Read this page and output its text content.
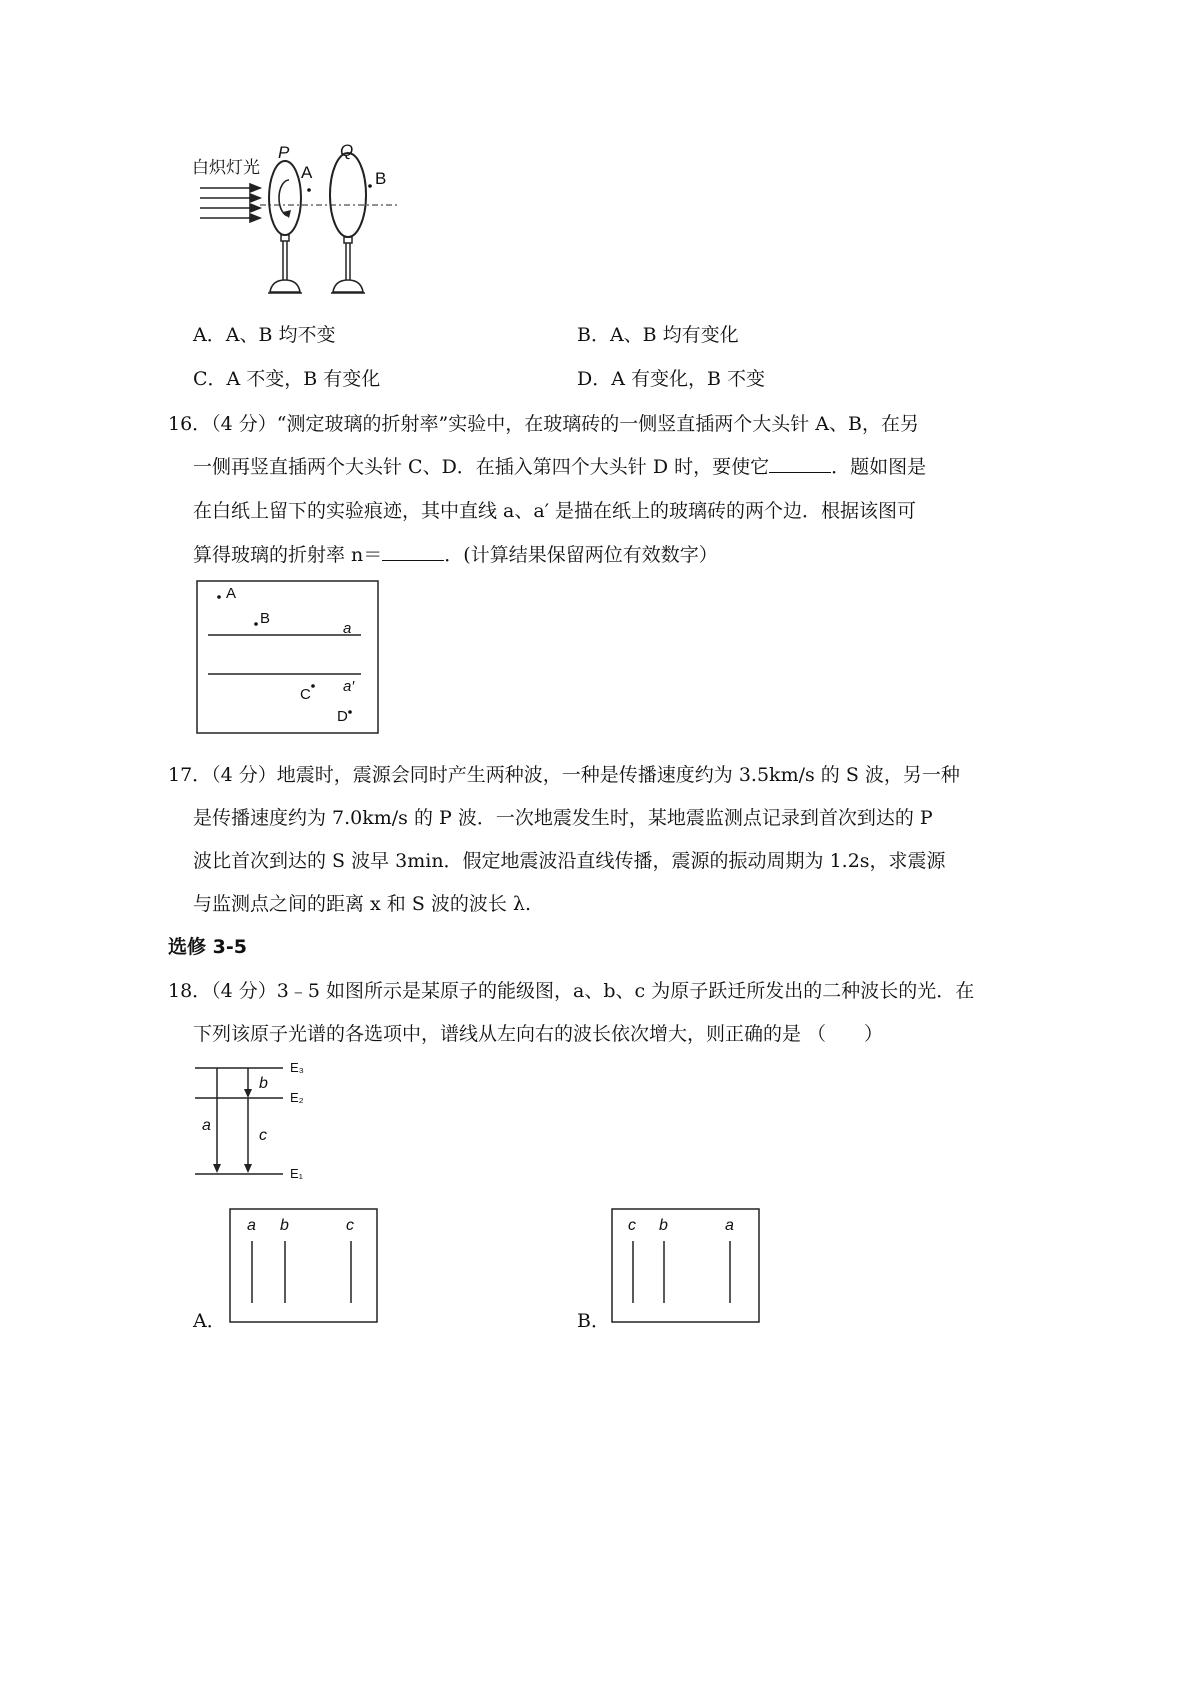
白炽灯光
P
A
Q
B
A．A、B 均不变	B．A、B 均有变化
C．A 不变，B 有变化	D．A 有变化，B 不变
16．（4 分）“测定玻璃的折射率”实验中，在玻璃砖的一侧竖直插两个大头针 A、B，在另
一侧再竖直插两个大头针 C、D．在插入第四个大头针 D 时，要使它	．题如图是
在白纸上留下的实验痕迹，其中直线 a、a′ 是描在纸上的玻璃砖的两个边．根据该图可
算得玻璃的折射率 n＝	．(计算结果保留两位有效数字）
A
B
a
a′
C
D
17．（4 分）地震时，震源会同时产生两种波，一种是传播速度约为 3.5km/s 的 S 波，另一种
是传播速度约为 7.0km/s 的 P 波．一次地震发生时，某地震监测点记录到首次到达的 P
波比首次到达的 S 波早 3min．假定地震波沿直线传播，震源的振动周期为 1.2s，求震源
与监测点之间的距离 x 和 S 波的波长 λ.
选修 3-5
18．（4 分）3﹣5 如图所示是某原子的能级图，a、b、c 为原子跃迁所发出的二种波长的光．在
下列该原子光谱的各选项中，谱线从左向右的波长依次增大，则正确的是 （　　）
E₃
E₂
E₁
b
a
c
A．
a b	c
B．
c b	a
